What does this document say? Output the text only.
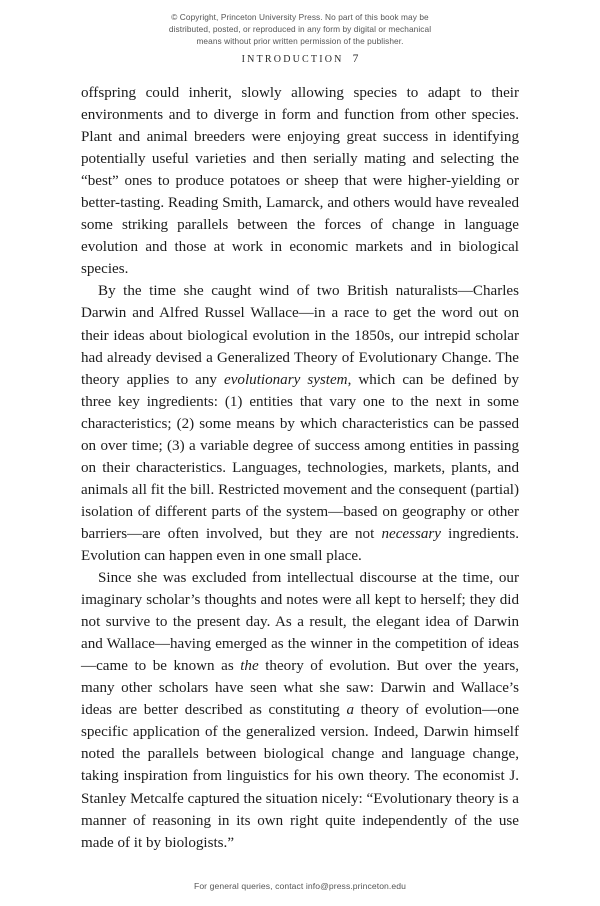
© Copyright, Princeton University Press. No part of this book may be
distributed, posted, or reproduced in any form by digital or mechanical
means without prior written permission of the publisher.
INTRODUCTION 7

offspring could inherit, slowly allowing species to adapt to their environments and to diverge in form and function from other species. Plant and animal breeders were enjoying great success in identifying potentially useful varieties and then serially mating and selecting the “best” ones to produce potatoes or sheep that were higher-yielding or better-tasting. Reading Smith, Lamarck, and others would have revealed some striking parallels between the forces of change in language evolution and those at work in economic markets and in biological species.

By the time she caught wind of two British naturalists—Charles Darwin and Alfred Russel Wallace—in a race to get the word out on their ideas about biological evolution in the 1850s, our intrepid scholar had already devised a Generalized Theory of Evolutionary Change. The theory applies to any evolutionary system, which can be defined by three key ingredients: (1) entities that vary one to the next in some characteristics; (2) some means by which characteristics can be passed on over time; (3) a variable degree of success among entities in passing on their characteristics. Languages, technologies, markets, plants, and animals all fit the bill. Restricted movement and the consequent (partial) isolation of different parts of the system—based on geography or other barriers—are often involved, but they are not necessary ingredients. Evolution can happen even in one small place.

Since she was excluded from intellectual discourse at the time, our imaginary scholar’s thoughts and notes were all kept to herself; they did not survive to the present day. As a result, the elegant idea of Darwin and Wallace—having emerged as the winner in the competition of ideas—came to be known as the theory of evolution. But over the years, many other scholars have seen what she saw: Darwin and Wallace’s ideas are better described as constituting a theory of evolution—one specific application of the generalized version. Indeed, Darwin himself noted the parallels between biological change and language change, taking inspiration from linguistics for his own theory. The economist J. Stanley Metcalfe captured the situation nicely: “Evolutionary theory is a manner of reasoning in its own right quite independently of the use made of it by biologists.”

For general queries, contact info@press.princeton.edu
